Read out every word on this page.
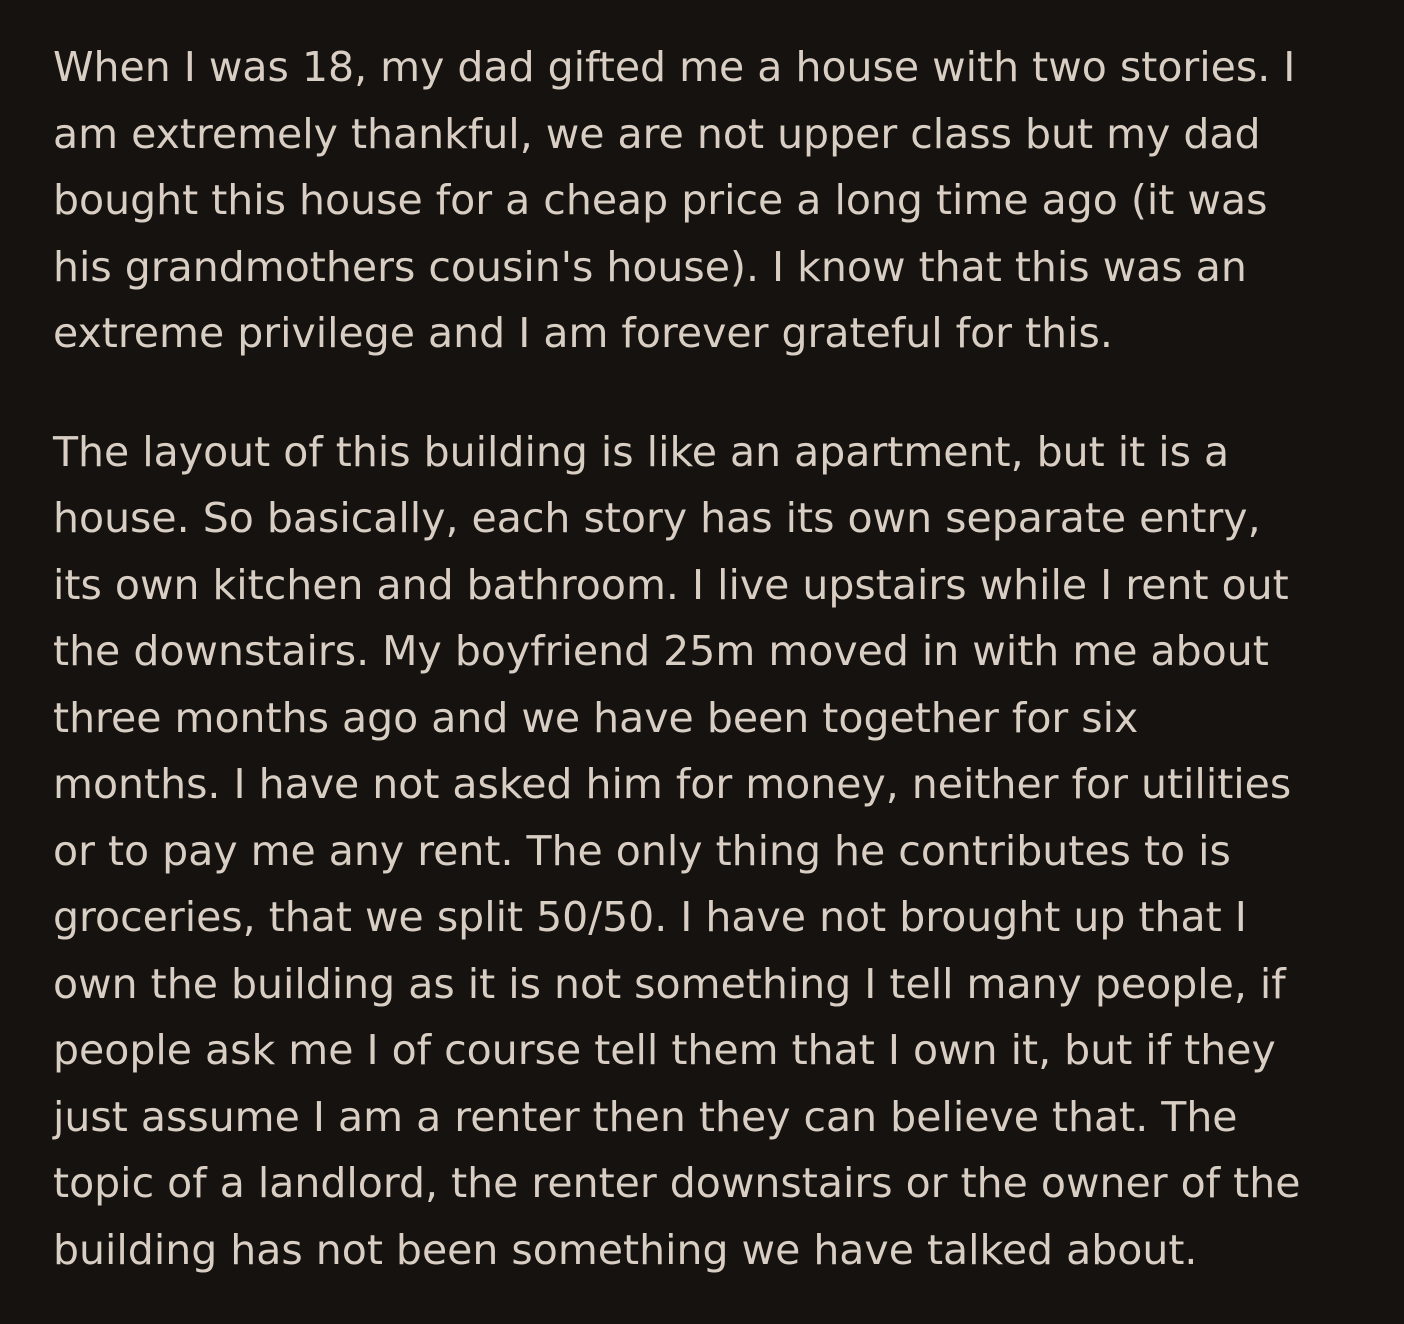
When I was 18, my dad gifted me a house with two stories. I
am extremely thankful, we are not upper class but my dad
bought this house for a cheap price a long time ago (it was
his grandmothers cousin's house). I know that this was an
extreme privilege and I am forever grateful for this.
The layout of this building is like an apartment, but it is a
house. So basically, each story has its own separate entry,
its own kitchen and bathroom. I live upstairs while I rent out
the downstairs. My boyfriend 25m moved in with me about
three months ago and we have been together for six
months. I have not asked him for money, neither for utilities
or to pay me any rent. The only thing he contributes to is
groceries, that we split 50/50. I have not brought up that I
own the building as it is not something I tell many people, if
people ask me I of course tell them that I own it, but if they
just assume I am a renter then they can believe that. The
topic of a landlord, the renter downstairs or the owner of the
building has not been something we have talked about.
